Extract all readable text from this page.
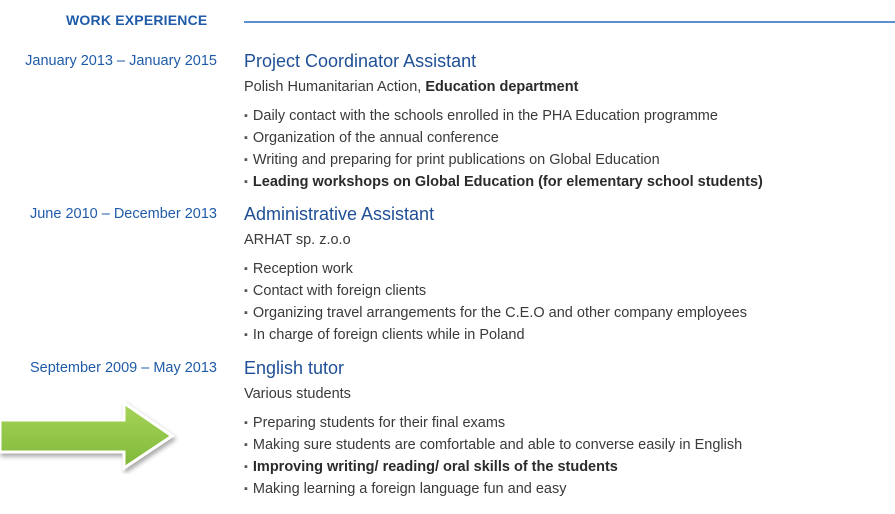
WORK EXPERIENCE
January 2013 – January 2015 Project Coordinator Assistant
Polish Humanitarian Action, Education department
▪ Daily contact with the schools enrolled in the PHA Education programme
▪ Organization of the annual conference
▪ Writing and preparing for print publications on Global Education
▪ Leading workshops on Global Education (for elementary school students)
June 2010 – December 2013 Administrative Assistant
ARHAT sp. z.o.o
▪ Reception work
▪ Contact with foreign clients
▪ Organizing travel arrangements for the C.E.O and other company employees
▪ In charge of foreign clients while in Poland
September 2009 – May 2013 English tutor
Various students
▪ Preparing students for their final exams
▪ Making sure students are comfortable and able to converse easily in English
▪ Improving writing/ reading/ oral skills of the students
▪ Making learning a foreign language fun and easy
